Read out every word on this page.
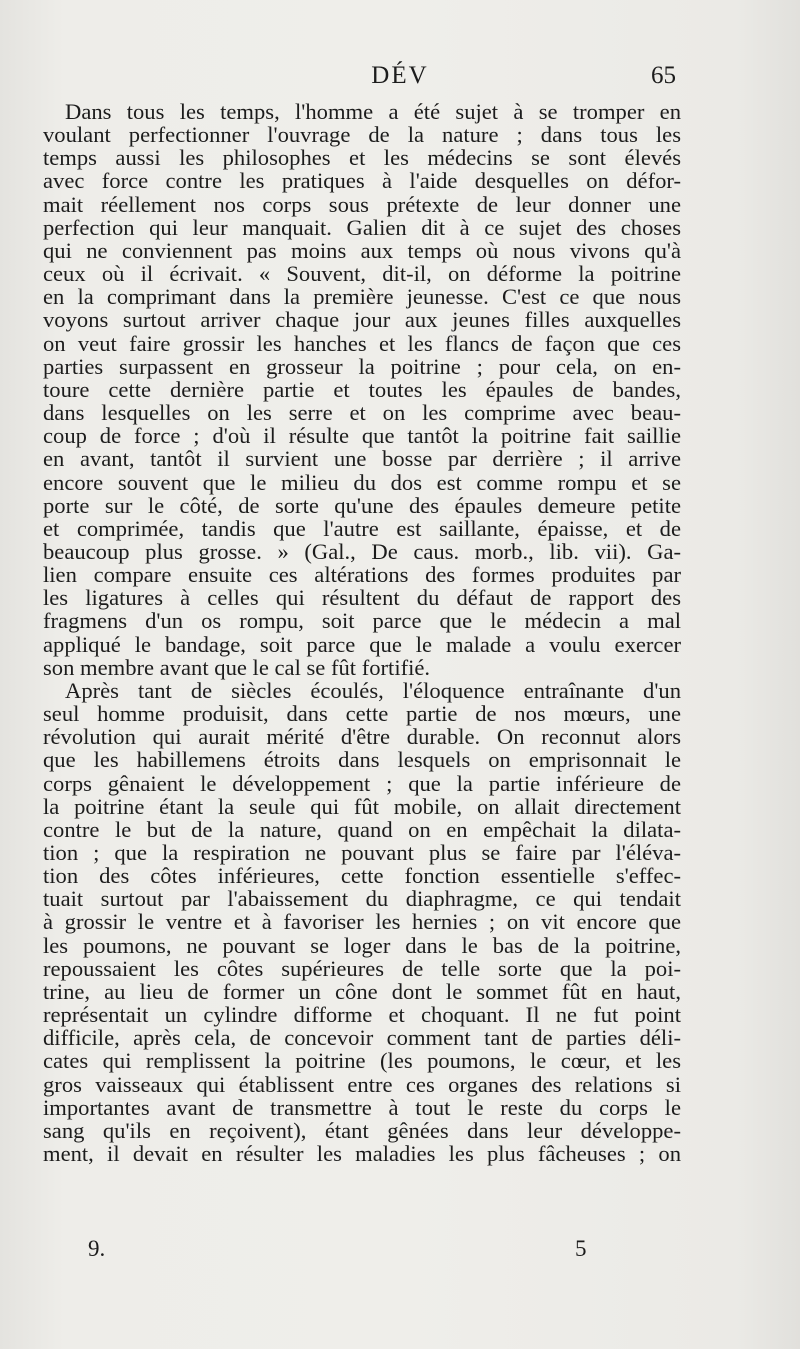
DÉV	65

Dans tous les temps, l'homme a été sujet à se tromper en

voulant perfectionner l'ouvrage de la nature ; dans tous les

temps aussi les philosophes et les médecins se sont élevés

avec force contre les pratiques à l'aide desquelles on défor-

mait réellement nos corps sous prétexte de leur donner une

perfection qui leur manquait. Galien dit à ce sujet des choses

qui ne conviennent pas moins aux temps où nous vivons qu'à

ceux où il écrivait. « Souvent, dit-il, on déforme la poitrine

en la comprimant dans la première jeunesse. C'est ce que nous

voyons surtout arriver chaque jour aux jeunes filles auxquelles

on veut faire grossir les hanches et les flancs de façon que ces

parties surpassent en grosseur la poitrine ; pour cela, on en-

toure cette dernière partie et toutes les épaules de bandes,

dans lesquelles on les serre et on les comprime avec beau-

coup de force ; d'où il résulte que tantôt la poitrine fait saillie

en avant, tantôt il survient une bosse par derrière ; il arrive

encore souvent que le milieu du dos est comme rompu et se

porte sur le côté, de sorte qu'une des épaules demeure petite

et comprimée, tandis que l'autre est saillante, épaisse, et de

beaucoup plus grosse. » (Gal., De caus. morb., lib. vii). Ga-

lien compare ensuite ces altérations des formes produites par

les ligatures à celles qui résultent du défaut de rapport des

fragmens d'un os rompu, soit parce que le médecin a mal

appliqué le bandage, soit parce que le malade a voulu exercer

son membre avant que le cal se fût fortifié.

Après tant de siècles écoulés, l'éloquence entraînante d'un

seul homme produisit, dans cette partie de nos mœurs, une

révolution qui aurait mérité d'être durable. On reconnut alors

que les habillemens étroits dans lesquels on emprisonnait le

corps gênaient le développement ; que la partie inférieure de

la poitrine étant la seule qui fût mobile, on allait directement

contre le but de la nature, quand on en empêchait la dilata-

tion ; que la respiration ne pouvant plus se faire par l'éléva-

tion des côtes inférieures, cette fonction essentielle s'effec-

tuait surtout par l'abaissement du diaphragme, ce qui tendait

à grossir le ventre et à favoriser les hernies ; on vit encore que

les poumons, ne pouvant se loger dans le bas de la poitrine,

repoussaient les côtes supérieures de telle sorte que la poi-

trine, au lieu de former un cône dont le sommet fût en haut,

représentait un cylindre difforme et choquant. Il ne fut point

difficile, après cela, de concevoir comment tant de parties déli-

cates qui remplissent la poitrine (les poumons, le cœur, et les

gros vaisseaux qui établissent entre ces organes des relations si

importantes avant de transmettre à tout le reste du corps le

sang qu'ils en reçoivent), étant gênées dans leur développe-

ment, il devait en résulter les maladies les plus fâcheuses ; on

9.	5
